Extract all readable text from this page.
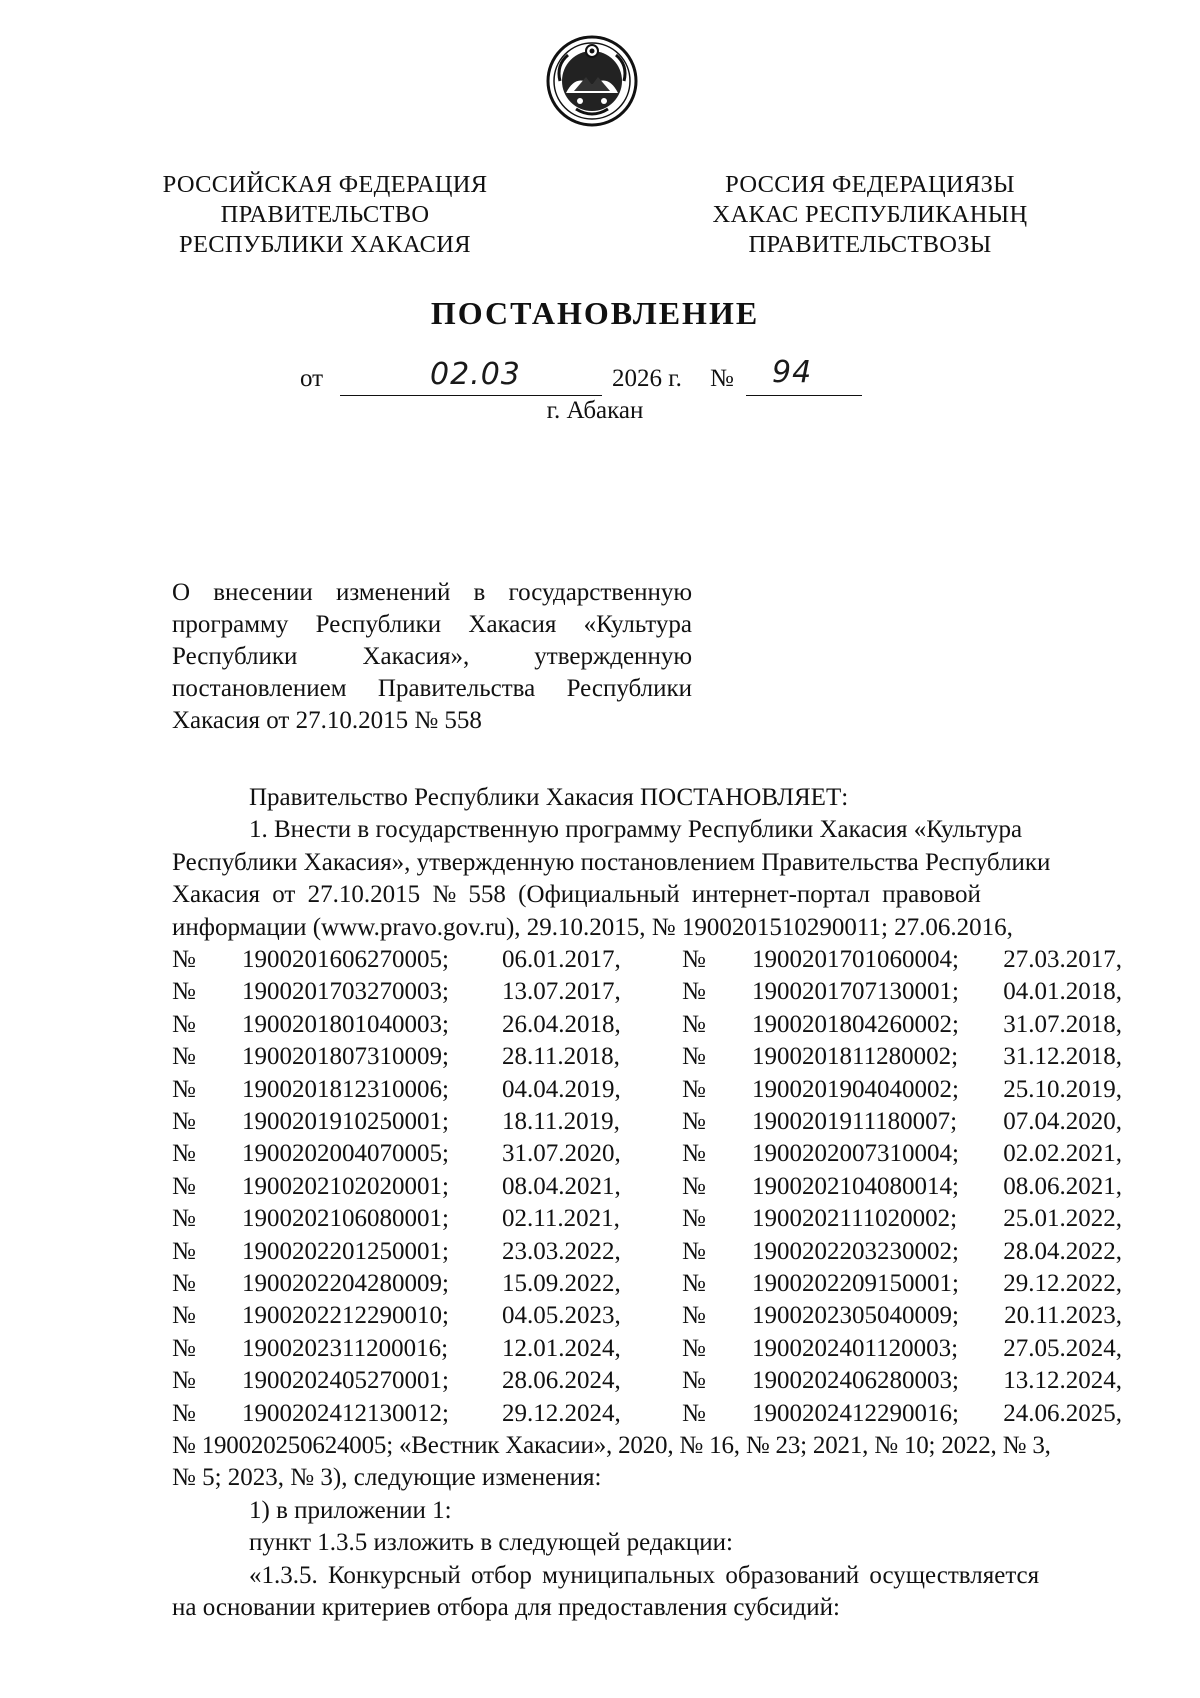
РОССИЙСКАЯ ФЕДЕРАЦИЯ
ПРАВИТЕЛЬСТВО
РЕСПУБЛИКИ ХАКАСИЯ
РОССИЯ ФЕДЕРАЦИЯЗЫ
ХАКАС РЕСПУБЛИКАНЫҢ
ПРАВИТЕЛЬСТВОЗЫ
ПОСТАНОВЛЕНИЕ
от	02.03	2026 г. № 94
г. Абакан
О внесении изменений в государственную
программу Республики Хакасия «Культура
Республики Хакасия», утвержденную
постановлением Правительства Республики
Хакасия от 27.10.2015 № 558
Правительство Республики Хакасия ПОСТАНОВЛЯЕТ:
1. Внести в государственную программу Республики Хакасия «Культура
Республики Хакасия», утвержденную постановлением Правительства Республики
Хакасия от 27.10.2015 № 558 (Официальный интернет-портал правовой
информации (www.pravo.gov.ru), 29.10.2015, № 1900201510290011; 27.06.2016,
№	1900201606270005;	06.01.2017,	№	1900201701060004;	27.03.2017,
№	1900201703270003;	13.07.2017,	№	1900201707130001;	04.01.2018,
№	1900201801040003;	26.04.2018,	№	1900201804260002;	31.07.2018,
№	1900201807310009;	28.11.2018,	№	1900201811280002;	31.12.2018,
№	1900201812310006;	04.04.2019,	№	1900201904040002;	25.10.2019,
№	1900201910250001;	18.11.2019,	№	1900201911180007;	07.04.2020,
№	1900202004070005;	31.07.2020,	№	1900202007310004;	02.02.2021,
№	1900202102020001;	08.04.2021,	№	1900202104080014;	08.06.2021,
№	1900202106080001;	02.11.2021,	№	1900202111020002;	25.01.2022,
№	1900202201250001;	23.03.2022,	№	1900202203230002;	28.04.2022,
№	1900202204280009;	15.09.2022,	№	1900202209150001;	29.12.2022,
№	1900202212290010;	04.05.2023,	№	1900202305040009;	20.11.2023,
№	1900202311200016;	12.01.2024,	№	1900202401120003;	27.05.2024,
№	1900202405270001;	28.06.2024,	№	1900202406280003;	13.12.2024,
№	1900202412130012;	29.12.2024,	№	1900202412290016;	24.06.2025,
№ 190020250624005; «Вестник Хакасии», 2020, № 16, № 23; 2021, № 10; 2022, № 3,
№ 5; 2023, № 3), следующие изменения:
1) в приложении 1:
пункт 1.3.5 изложить в следующей редакции:
«1.3.5. Конкурсный отбор муниципальных образований осуществляется
на основании критериев отбора для предоставления субсидий:
